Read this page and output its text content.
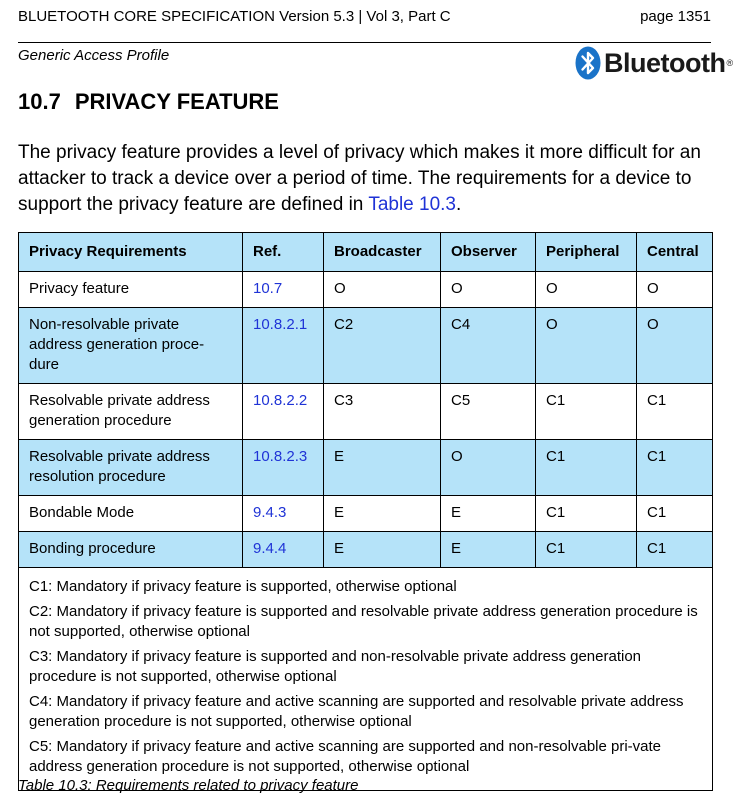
BLUETOOTH CORE SPECIFICATION Version 5.3 | Vol 3, Part C	page 1351
Generic Access Profile	Bluetooth ®
10.7 PRIVACY FEATURE

The privacy feature provides a level of privacy which makes it more difficult for an attacker to track a device over a period of time. The requirements for a device to support the privacy feature are defined in Table 10.3.

Privacy Requirements	Ref.	Broadcaster	Observer	Peripheral	Central
Privacy feature	10.7	O	O	O	O
Non-resolvable private address generation proce-dure	10.8.2.1	C2	C4	O	O
Resolvable private address generation procedure	10.8.2.2	C3	C5	C1	C1
Resolvable private address resolution procedure	10.8.2.3	E	O	C1	C1
Bondable Mode	9.4.3	E	E	C1	C1
Bonding procedure	9.4.4	E	E	C1	C1

C1: Mandatory if privacy feature is supported, otherwise optional
C2: Mandatory if privacy feature is supported and resolvable private address generation procedure is not supported, otherwise optional
C3: Mandatory if privacy feature is supported and non-resolvable private address generation procedure is not supported, otherwise optional
C4: Mandatory if privacy feature and active scanning are supported and resolvable private address generation procedure is not supported, otherwise optional
C5: Mandatory if privacy feature and active scanning are supported and non-resolvable pri-vate address generation procedure is not supported, otherwise optional					
Table 10.3: Requirements related to privacy feature
